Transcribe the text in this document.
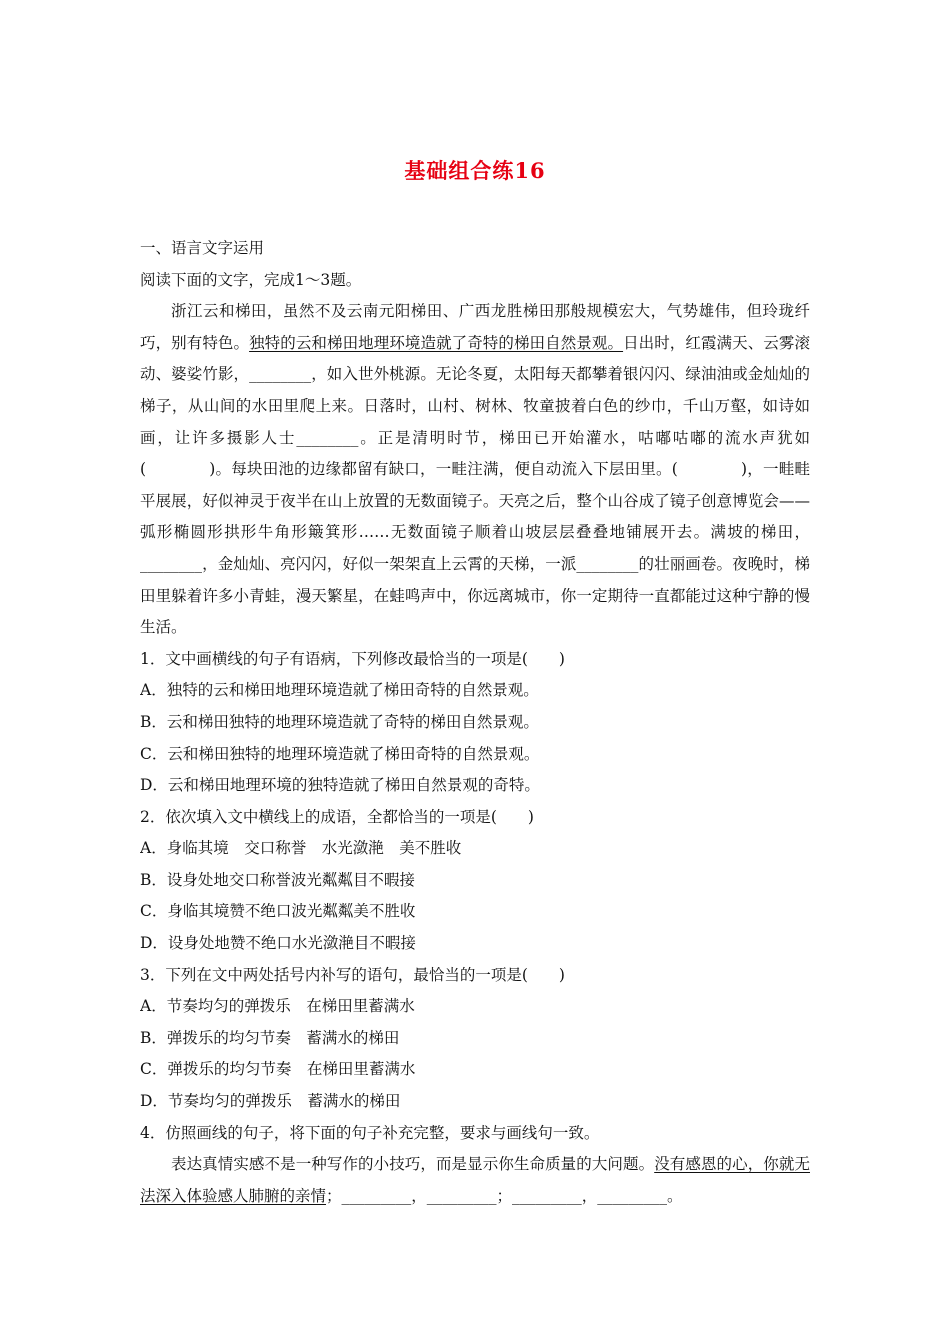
基础组合练16
一、语言文字运用
阅读下面的文字，完成1～3题。

浙江云和梯田，虽然不及云南元阳梯田、广西龙胜梯田那般规模宏大，气势雄伟，但玲珑纤巧，别有特色。独特的云和梯田地理环境造就了奇特的梯田自然景观。日出时，红霞满天、云雾滚动、婆娑竹影，________，如入世外桃源。无论冬夏，太阳每天都攀着银闪闪、绿油油或金灿灿的梯子，从山间的水田里爬上来。日落时，山村、树林、牧童披着白色的纱巾，千山万壑，如诗如画，让许多摄影人士________。正是清明时节，梯田已开始灌水，咕嘟咕嘟的流水声犹如(　　　　)。每块田池的边缘都留有缺口，一畦注满，便自动流入下层田里。(　　　　)，一畦畦平展展，好似神灵于夜半在山上放置的无数面镜子。天亮之后，整个山谷成了镜子创意博览会——弧形椭圆形拱形牛角形簸箕形……无数面镜子顺着山坡层层叠叠地铺展开去。满坡的梯田，________，金灿灿、亮闪闪，好似一架架直上云霄的天梯，一派________的壮丽画卷。夜晚时，梯田里躲着许多小青蛙，漫天繁星，在蛙鸣声中，你远离城市，你一定期待一直都能过这种宁静的慢生活。

1．文中画横线的句子有语病，下列修改最恰当的一项是(　　)
A．独特的云和梯田地理环境造就了梯田奇特的自然景观。
B．云和梯田独特的地理环境造就了奇特的梯田自然景观。
C．云和梯田独特的地理环境造就了梯田奇特的自然景观。
D．云和梯田地理环境的独特造就了梯田自然景观的奇特。
2．依次填入文中横线上的成语，全都恰当的一项是(　　)
A．身临其境　交口称誉　水光潋滟　美不胜收
B．设身处地交口称誉波光粼粼目不暇接
C．身临其境赞不绝口波光粼粼美不胜收
D．设身处地赞不绝口水光潋滟目不暇接
3．下列在文中两处括号内补写的语句，最恰当的一项是(　　)
A．节奏均匀的弹拨乐　在梯田里蓄满水
B．弹拨乐的均匀节奏　蓄满水的梯田
C．弹拨乐的均匀节奏　在梯田里蓄满水
D．节奏均匀的弹拨乐　蓄满水的梯田
4．仿照画线的句子，将下面的句子补充完整，要求与画线句一致。

表达真情实感不是一种写作的小技巧，而是显示你生命质量的大问题。没有感恩的心，你就无法深入体验感人肺腑的亲情；_________，_________；_________，_________。
